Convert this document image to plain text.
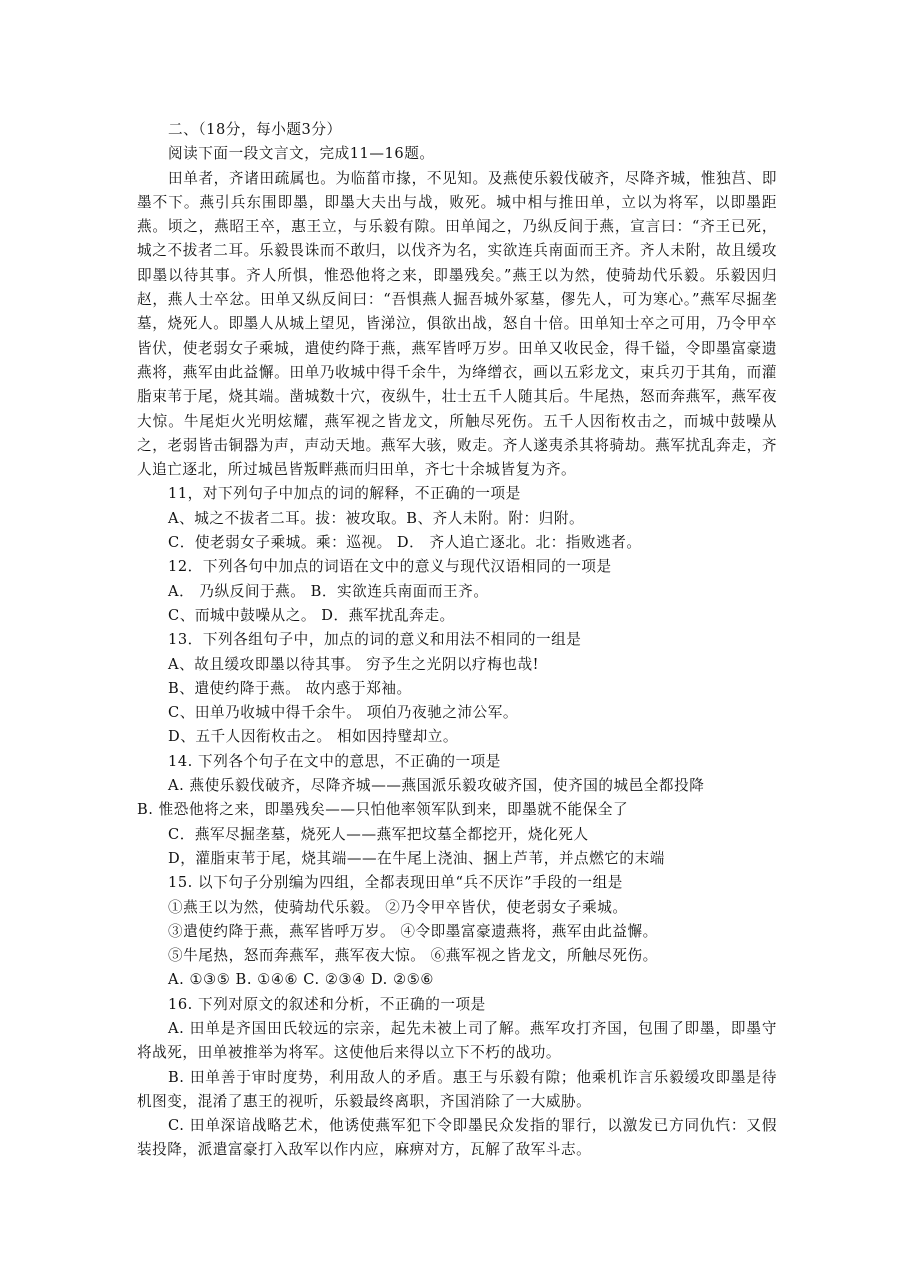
二、（18分，每小题3分）

阅读下面一段文言文，完成11—16题。

田单者，齐诸田疏属也。为临菑市掾，不见知。及燕使乐毅伐破齐，尽降齐城，惟独莒、即墨不下。燕引兵东围即墨，即墨大夫出与战，败死。城中相与推田单，立以为将军，以即墨距燕。顷之，燕昭王卒，惠王立，与乐毅有隙。田单闻之，乃纵反间于燕，宣言曰：“齐王已死，城之不拔者二耳。乐毅畏诛而不敢归，以伐齐为名，实欲连兵南面而王齐。齐人未附，故且缓攻即墨以待其事。齐人所惧，惟恐他将之来，即墨残矣。”燕王以为然，使骑劫代乐毅。乐毅因归赵，燕人士卒忿。田单又纵反间曰：“吾惧燕人掘吾城外冢墓，僇先人，可为寒心。”燕军尽掘垄墓，烧死人。即墨人从城上望见，皆涕泣，俱欲出战，怒自十倍。田单知士卒之可用，乃令甲卒皆伏，使老弱女子乘城，遣使约降于燕，燕军皆呼万岁。田单又收民金，得千镒，令即墨富豪遗燕将，燕军由此益懈。田单乃收城中得千余牛，为绛缯衣，画以五彩龙文，束兵刃于其角，而灌脂束苇于尾，烧其端。凿城数十穴，夜纵牛，壮士五千人随其后。牛尾热，怒而奔燕军，燕军夜大惊。牛尾炬火光明炫耀，燕军视之皆龙文，所触尽死伤。五千人因衔枚击之，而城中鼓噪从之，老弱皆击铜器为声，声动天地。燕军大骇，败走。齐人遂夷杀其将骑劫。燕军扰乱奔走，齐人追亡逐北，所过城邑皆叛畔燕而归田单，齐七十余城皆复为齐。

11，对下列句子中加点的词的解释，不正确的一项是

A、城之不拔者二耳。拔：被攻取。B、齐人未附。附：归附。

C．使老弱女子乘城。乘：巡视。 D． 齐人追亡逐北。北：指败逃者。

12．下列各句中加点的词语在文中的意义与现代汉语相同的一项是

A． 乃纵反间于燕。 B．实欲连兵南面而王齐。

C、而城中鼓噪从之。 D．燕军扰乱奔走。

13．下列各组句子中，加点的词的意义和用法不相同的一组是

A、故且缓攻即墨以待其事。 穷予生之光阴以疗梅也哉!

B、遣使约降于燕。 故内惑于郑袖。

C、田单乃收城中得千余牛。 项伯乃夜驰之沛公军。

D、五千人因衔枚击之。 相如因持璧却立。

14. 下列各个句子在文中的意思，不正确的一项是

A. 燕使乐毅伐破齐，尽降齐城——燕国派乐毅攻破齐国，使齐国的城邑全都投降

B. 惟恐他将之来，即墨残矣——只怕他率领军队到来，即墨就不能保全了

C．燕军尽掘垄墓，烧死人——燕军把坟墓全都挖开，烧化死人

D，灌脂束苇于尾，烧其端——在牛尾上浇油、捆上芦苇，并点燃它的末端

15. 以下句子分别编为四组，全都表现田单“兵不厌诈”手段的一组是

①燕王以为然，使骑劫代乐毅。 ②乃令甲卒皆伏，使老弱女子乘城。

③遣使约降于燕，燕军皆呼万岁。 ④令即墨富豪遗燕将，燕军由此益懈。

⑤牛尾热，怒而奔燕军，燕军夜大惊。 ⑥燕军视之皆龙文，所触尽死伤。

A. ①③⑤ B. ①④⑥ C. ②③④ D. ②⑤⑥

16. 下列对原文的叙述和分析，不正确的一项是

A. 田单是齐国田氏较远的宗亲，起先未被上司了解。燕军攻打齐国，包围了即墨，即墨守将战死，田单被推举为将军。这使他后来得以立下不朽的战功。

B. 田单善于审时度势，利用敌人的矛盾。惠王与乐毅有隙；他乘机诈言乐毅缓攻即墨是待机图变，混淆了惠王的视听，乐毅最终离职，齐国消除了一大威胁。

C. 田单深谙战略艺术，他诱使燕军犯下令即墨民众发指的罪行，以激发已方同仇忾：又假装投降，派遣富豪打入敌军以作内应，麻痹对方，瓦解了敌军斗志。
